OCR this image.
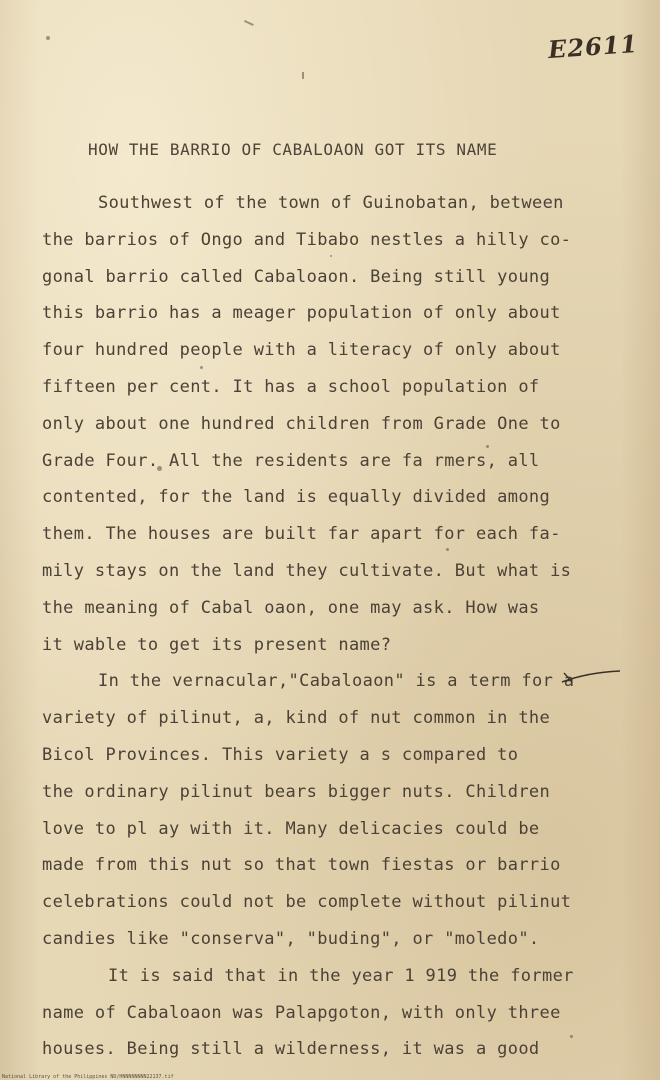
E2611
HOW THE BARRIO OF CABALOAON GOT ITS NAME
Southwest of the town of Guinobatan, between
the barrios of Ongo and Tibabo nestles a hilly co-
gonal barrio called Cabaloaon. Being still young
this barrio has a meager population of only about
four hundred people with a literacy of only about
fifteen per cent. It has a school population of
only about one hundred children from Grade One to
Grade Four. All the residents are fa rmers, all
contented, for the land is equally divided among
them. The houses are built far apart for each fa-
mily stays on the land they cultivate. But what is
the meaning of Cabal oaon, one may ask. How was
it wable to get its present name?
In the vernacular,"Cabaloaon" is a term for a
variety of pilinut, a, kind of nut common in the
Bicol Provinces. This variety a s compared to
the ordinary pilinut bears bigger nuts. Children
love to pl ay with it. Many delicacies could be
made from this nut so that town fiestas or barrio
celebrations could not be complete without pilinut
candies like "conserva", "buding", or "moledo".
It is said that in the year 1 919 the former
name of Cabaloaon was Palapgoton, with only three
houses. Being still a wilderness, it was a good
National Library of the Philippines ND/HNNNNNNNN22137.tif
